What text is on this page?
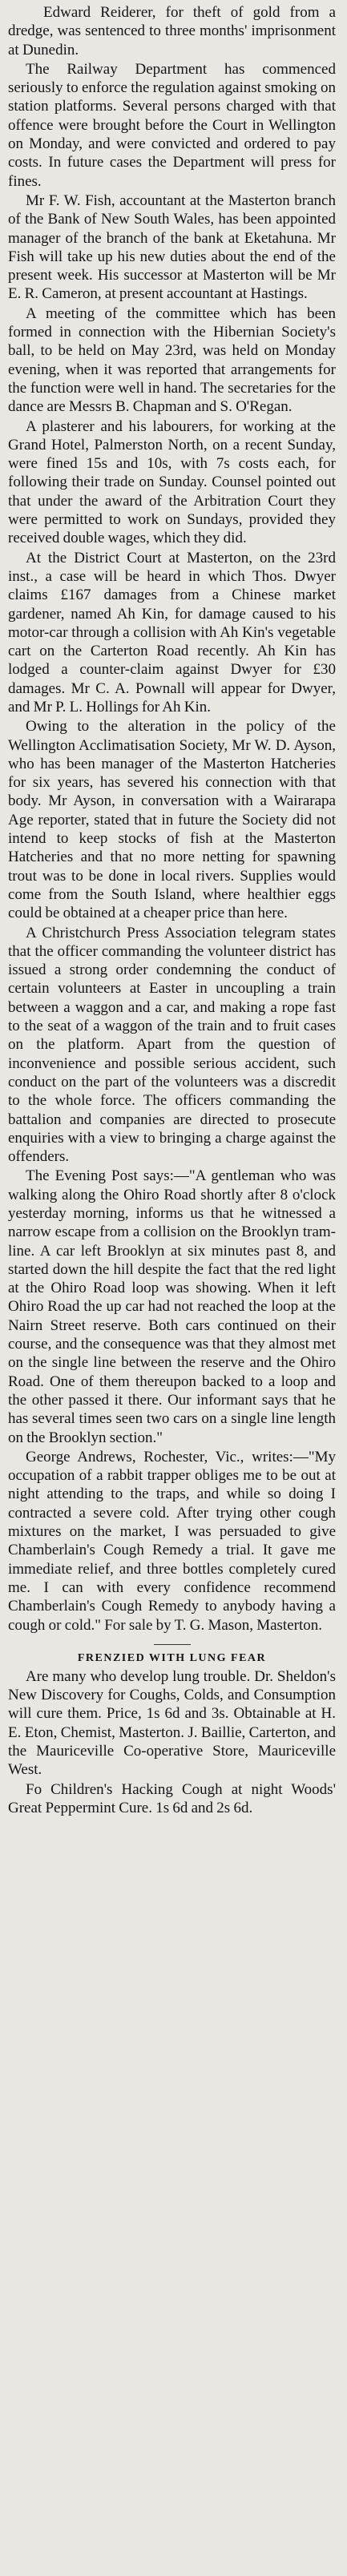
Edward Reiderer, for theft of gold from a dredge, was sentenced to three months' imprisonment at Dunedin.

The Railway Department has commenced seriously to enforce the regulation against smoking on station platforms. Several persons charged with that offence were brought before the Court in Wellington on Monday, and were convicted and ordered to pay costs. In future cases the Department will press for fines.

Mr F. W. Fish, accountant at the Masterton branch of the Bank of New South Wales, has been appointed manager of the branch of the bank at Eketahuna. Mr Fish will take up his new duties about the end of the present week. His successor at Masterton will be Mr E. R. Cameron, at present accountant at Hastings.

A meeting of the committee which has been formed in connection with the Hibernian Society's ball, to be held on May 23rd, was held on Monday evening, when it was reported that arrangements for the function were well in hand. The secretaries for the dance are Messrs B. Chapman and S. O'Regan.

A plasterer and his labourers, for working at the Grand Hotel, Palmerston North, on a recent Sunday, were fined 15s and 10s, with 7s costs each, for following their trade on Sunday. Counsel pointed out that under the award of the Arbitration Court they were permitted to work on Sundays, provided they received double wages, which they did.

At the District Court at Masterton, on the 23rd inst., a case will be heard in which Thos. Dwyer claims £167 damages from a Chinese market gardener, named Ah Kin, for damage caused to his motor-car through a collision with Ah Kin's vegetable cart on the Carterton Road recently. Ah Kin has lodged a counter-claim against Dwyer for £30 damages. Mr C. A. Pownall will appear for Dwyer, and Mr P. L. Hollings for Ah Kin.

Owing to the alteration in the policy of the Wellington Acclimatisation Society, Mr W. D. Ayson, who has been manager of the Masterton Hatcheries for six years, has severed his connection with that body. Mr Ayson, in conversation with a Wairarapa Age reporter, stated that in future the Society did not intend to keep stocks of fish at the Masterton Hatcheries and that no more netting for spawning trout was to be done in local rivers. Supplies would come from the South Island, where healthier eggs could be obtained at a cheaper price than here.

A Christchurch Press Association telegram states that the officer commanding the volunteer district has issued a strong order condemning the conduct of certain volunteers at Easter in uncoupling a train between a waggon and a car, and making a rope fast to the seat of a waggon of the train and to fruit cases on the platform. Apart from the question of inconvenience and possible serious accident, such conduct on the part of the volunteers was a discredit to the whole force. The officers commanding the battalion and companies are directed to prosecute enquiries with a view to bringing a charge against the offenders.

The Evening Post says:—"A gentleman who was walking along the Ohiro Road shortly after 8 o'clock yesterday morning, informs us that he witnessed a narrow escape from a collision on the Brooklyn tram-line. A car left Brooklyn at six minutes past 8, and started down the hill despite the fact that the red light at the Ohiro Road loop was showing. When it left Ohiro Road the up car had not reached the loop at the Nairn Street reserve. Both cars continued on their course, and the consequence was that they almost met on the single line between the reserve and the Ohiro Road. One of them thereupon backed to a loop and the other passed it there. Our informant says that he has several times seen two cars on a single line length on the Brooklyn section."

George Andrews, Rochester, Vic., writes:—"My occupation of a rabbit trapper obliges me to be out at night attending to the traps, and while so doing I contracted a severe cold. After trying other cough mixtures on the market, I was persuaded to give Chamberlain's Cough Remedy a trial. It gave me immediate relief, and three bottles completely cured me. I can with every confidence recommend Chamberlain's Cough Remedy to anybody having a cough or cold." For sale by T. G. Mason, Masterton.

FRENZIED WITH LUNG FEAR

Are many who develop lung trouble. Dr. Sheldon's New Discovery for Coughs, Colds, and Consumption will cure them. Price, 1s 6d and 3s. Obtainable at H. E. Eton, Chemist, Masterton. J. Baillie, Carterton, and the Mauriceville Co-operative Store, Mauriceville West.

Fo Children's Hacking Cough at night Woods' Great Peppermint Cure. 1s 6d and 2s 6d.
